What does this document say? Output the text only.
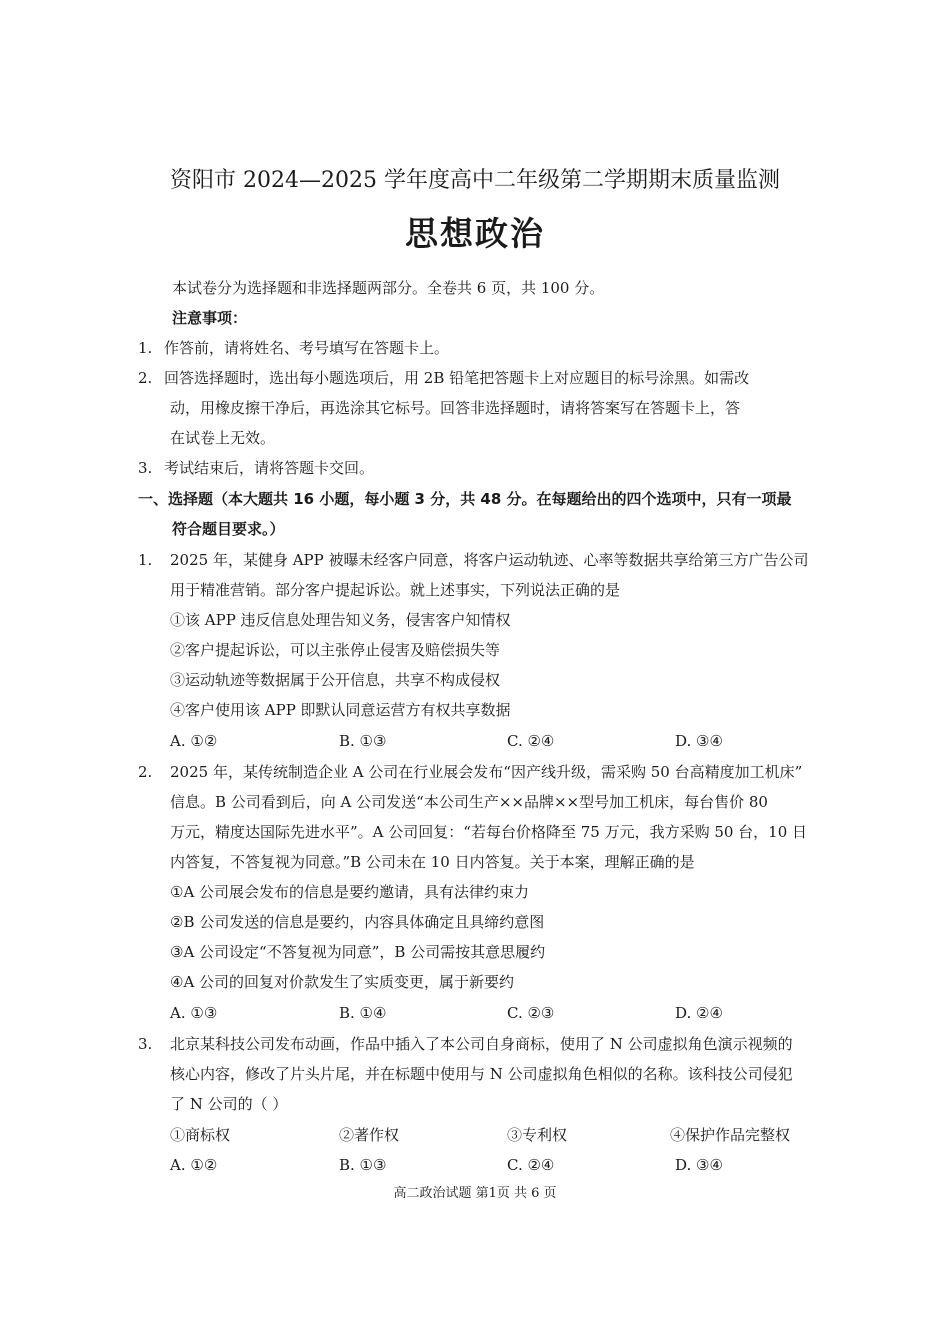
资阳市 2024—2025 学年度高中二年级第二学期期末质量监测
思想政治
本试卷分为选择题和非选择题两部分。全卷共 6 页，共 100 分。
注意事项：
1. 作答前，请将姓名、考号填写在答题卡上。
2. 回答选择题时，选出每小题选项后，用 2B 铅笔把答题卡上对应题目的标号涂黑。如需改
动，用橡皮擦干净后，再选涂其它标号。回答非选择题时，请将答案写在答题卡上，答
在试卷上无效。
3. 考试结束后，请将答题卡交回。
一、选择题（本大题共 16 小题，每小题 3 分，共 48 分。在每题给出的四个选项中，只有一项最
符合题目要求。）
1. 2025 年，某健身 APP 被曝未经客户同意，将客户运动轨迹、心率等数据共享给第三方广告公司
用于精准营销。部分客户提起诉讼。就上述事实，下列说法正确的是
①该 APP 违反信息处理告知义务，侵害客户知情权
②客户提起诉讼，可以主张停止侵害及赔偿损失等
③运动轨迹等数据属于公开信息，共享不构成侵权
④客户使用该 APP 即默认同意运营方有权共享数据
A. ①②	B. ①③	C. ②④	D. ③④
2. 2025 年，某传统制造企业 A 公司在行业展会发布“因产线升级，需采购 50 台高精度加工机床”
信息。B 公司看到后，向 A 公司发送“本公司生产××品牌××型号加工机床，每台售价 80
万元，精度达国际先进水平”。A 公司回复：“若每台价格降至 75 万元，我方采购 50 台，10 日
内答复，不答复视为同意。”B 公司未在 10 日内答复。关于本案，理解正确的是
①A 公司展会发布的信息是要约邀请，具有法律约束力
②B 公司发送的信息是要约，内容具体确定且具缔约意图
③A 公司设定“不答复视为同意”，B 公司需按其意思履约
④A 公司的回复对价款发生了实质变更，属于新要约
A. ①③	B. ①④	C. ②③	D. ②④
3. 北京某科技公司发布动画，作品中插入了本公司自身商标，使用了 N 公司虚拟角色演示视频的
核心内容，修改了片头片尾，并在标题中使用与 N 公司虚拟角色相似的名称。该科技公司侵犯
了 N 公司的（ ）
①商标权	②著作权	③专利权	④保护作品完整权
A. ①②	B. ①③	C. ②④	D. ③④
高二政治试题 第1页 共 6 页
